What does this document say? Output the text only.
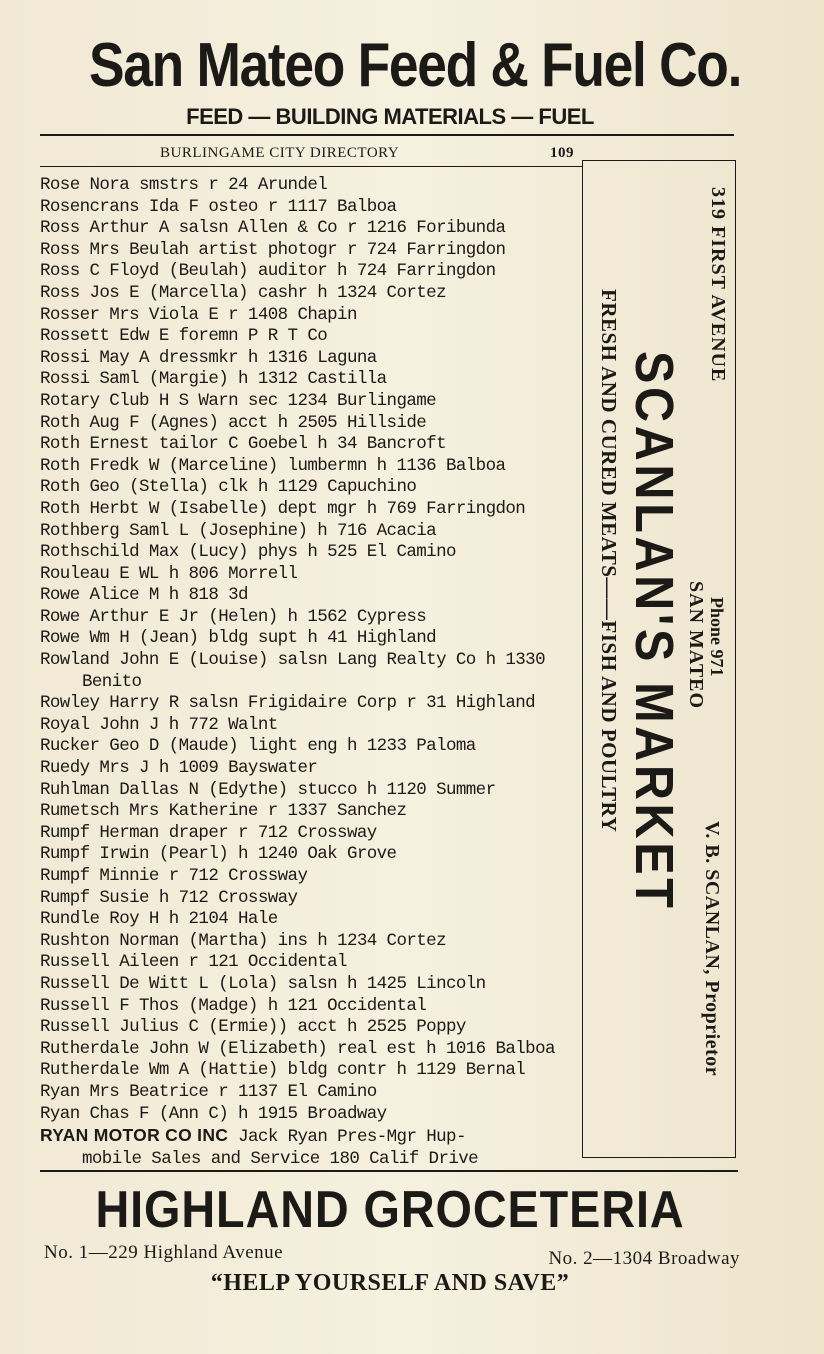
San Mateo Feed & Fuel Co.
FEED — BUILDING MATERIALS — FUEL
BURLINGAME CITY DIRECTORY	109
Rose Nora smstrs r 24 Arundel
Rosencrans Ida F osteo r 1117 Balboa
Ross Arthur A salsn Allen & Co r 1216 Foribunda
Ross Mrs Beulah artist photogr r 724 Farringdon
Ross C Floyd (Beulah) auditor h 724 Farringdon
Ross Jos E (Marcella) cashr h 1324 Cortez
Rosser Mrs Viola E r 1408 Chapin
Rossett Edw E foremn P R T Co
Rossi May A dressmkr h 1316 Laguna
Rossi Saml (Margie) h 1312 Castilla
Rotary Club H S Warn sec 1234 Burlingame
Roth Aug F (Agnes) acct h 2505 Hillside
Roth Ernest tailor C Goebel h 34 Bancroft
Roth Fredk W (Marceline) lumbermn h 1136 Balboa
Roth Geo (Stella) clk h 1129 Capuchino
Roth Herbt W (Isabelle) dept mgr h 769 Farringdon
Rothberg Saml L (Josephine) h 716 Acacia
Rothschild Max (Lucy) phys h 525 El Camino
Rouleau E WL h 806 Morrell
Rowe Alice M h 818 3d
Rowe Arthur E Jr (Helen) h 1562 Cypress
Rowe Wm H (Jean) bldg supt h 41 Highland
Rowland John E (Louise) salsn Lang Realty Co h 1330
Benito
Rowley Harry R salsn Frigidaire Corp r 31 Highland
Royal John J h 772 Walnt
Rucker Geo D (Maude) light eng h 1233 Paloma
Ruedy Mrs J h 1009 Bayswater
Ruhlman Dallas N (Edythe) stucco h 1120 Summer
Rumetsch Mrs Katherine r 1337 Sanchez
Rumpf Herman draper r 712 Crossway
Rumpf Irwin (Pearl) h 1240 Oak Grove
Rumpf Minnie r 712 Crossway
Rumpf Susie h 712 Crossway
Rundle Roy H h 2104 Hale
Rushton Norman (Martha) ins h 1234 Cortez
Russell Aileen r 121 Occidental
Russell De Witt L (Lola) salsn h 1425 Lincoln
Russell F Thos (Madge) h 121 Occidental
Russell Julius C (Ermie)) acct h 2525 Poppy
Rutherdale John W (Elizabeth) real est h 1016 Balboa
Rutherdale Wm A (Hattie) bldg contr h 1129 Bernal
Ryan Mrs Beatrice r 1137 El Camino
Ryan Chas F (Ann C) h 1915 Broadway
RYAN MOTOR CO INC Jack Ryan Pres-Mgr Hup-
mobile Sales and Service 180 Calif Drive
319 FIRST AVENUE
Phone 971
SAN MATEO
V. B. SCANLAN, Proprietor
SCANLAN'S MARKET
FRESH AND CURED MEATS——FISH AND POULTRY
HIGHLAND GROCETERIA
No. 1—229 Highland Avenue	No. 2—1304 Broadway
“HELP YOURSELF AND SAVE”
